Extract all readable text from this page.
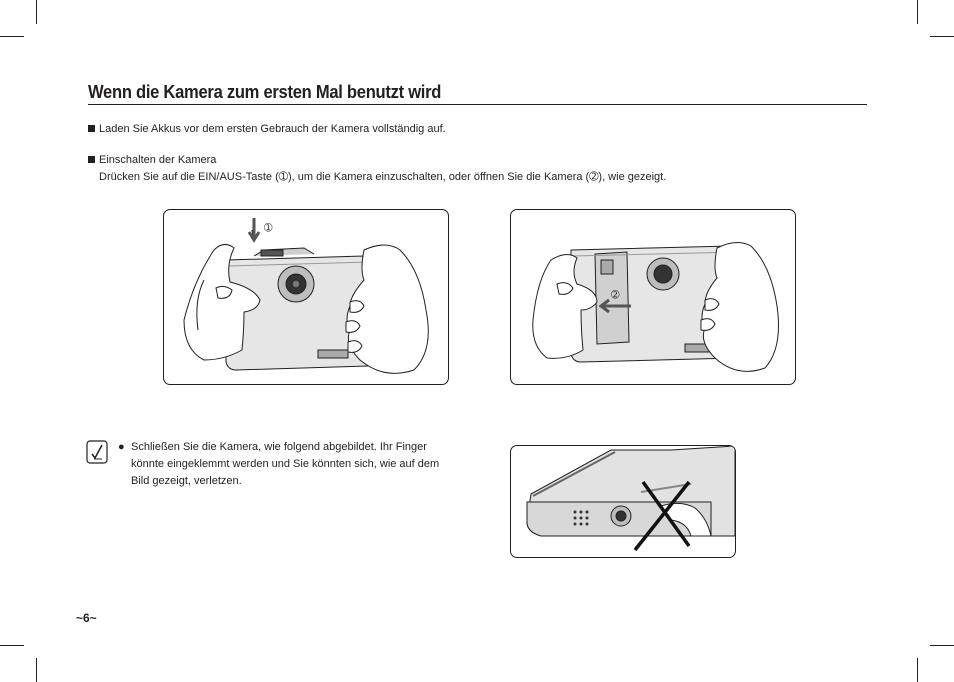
Wenn die Kamera zum ersten Mal benutzt wird
Laden Sie Akkus vor dem ersten Gebrauch der Kamera vollständig auf.
Einschalten der Kamera
Drücken Sie auf die EIN/AUS-Taste (➀), um die Kamera einzuschalten, oder öffnen Sie die Kamera (➁), wie gezeigt.
➀
➁
● Schließen Sie die Kamera, wie folgend abgebildet. Ihr Finger könnte eingeklemmt werden und Sie könnten sich, wie auf dem Bild gezeigt, verletzen.
~6~
